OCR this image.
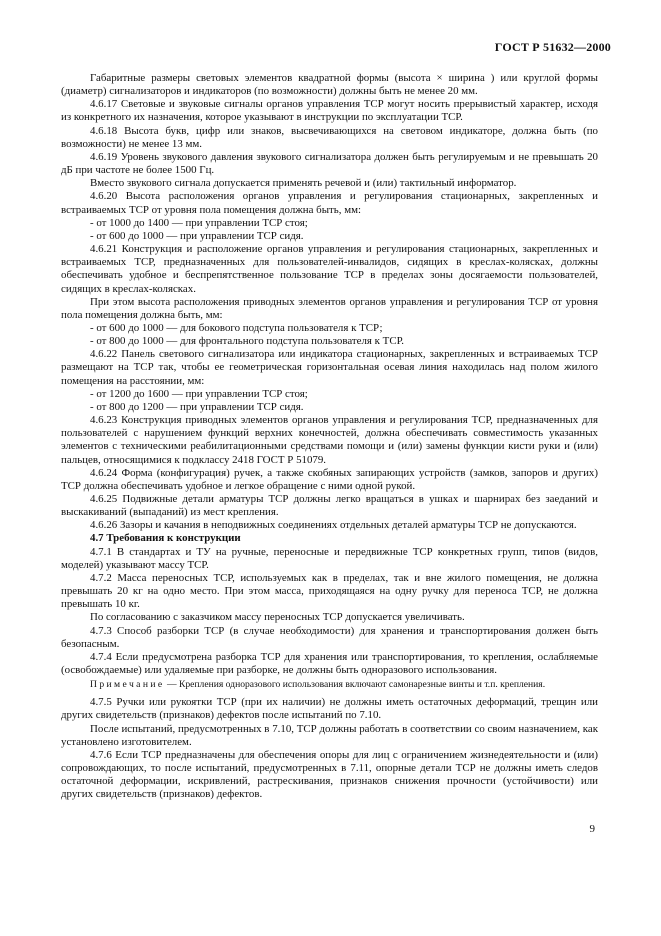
ГОСТ Р 51632—2000

Габаритные размеры световых элементов квадратной формы (высота × ширина ) или круглой формы (диаметр) сигнализаторов и индикаторов (по возможности) должны быть не менее 20 мм.

4.6.17 Световые и звуковые сигналы органов управления ТСР могут носить прерывистый характер, исходя из конкретного их назначения, которое указывают в инструкции по эксплуатации ТСР.

4.6.18 Высота букв, цифр или знаков, высвечивающихся на световом индикаторе, должна быть (по возможности) не менее 13 мм.

4.6.19 Уровень звукового давления звукового сигнализатора должен быть регулируемым и не превышать 20 дБ при частоте не более 1500 Гц.

Вместо звукового сигнала допускается применять речевой и (или) тактильный информатор.

4.6.20 Высота расположения органов управления и регулирования стационарных, закрепленных и встраиваемых ТСР от уровня пола помещения должна быть, мм:

- от 1000 до 1400 — при управлении ТСР стоя;

- от 600 до 1000 — при управлении ТСР сидя.

4.6.21 Конструкция и расположение органов управления и регулирования стационарных, закрепленных и встраиваемых ТСР, предназначенных для пользователей-инвалидов, сидящих в креслах-колясках, должны обеспечивать удобное и беспрепятственное пользование ТСР в пределах зоны досягаемости пользователей, сидящих в креслах-колясках.

При этом высота расположения приводных элементов органов управления и регулирования ТСР от уровня пола помещения должна быть, мм:

- от 600 до 1000 — для бокового подступа пользователя к ТСР;

- от 800 до 1000 — для фронтального подступа пользователя к ТСР.

4.6.22 Панель светового сигнализатора или индикатора стационарных, закрепленных и встраиваемых ТСР размещают на ТСР так, чтобы ее геометрическая горизонтальная осевая линия находилась над полом жилого помещения на расстоянии, мм:

- от 1200 до 1600 — при управлении ТСР стоя;

- от 800 до 1200 — при управлении ТСР сидя.

4.6.23 Конструкция приводных элементов органов управления и регулирования ТСР, предназначенных для пользователей с нарушением функций верхних конечностей, должна обеспечивать совместимость указанных элементов с техническими реабилитационными средствами помощи и (или) замены функции кисти руки и (или) пальцев, относящимися к подклассу 2418 ГОСТ Р 51079.

4.6.24 Форма (конфигурация) ручек, а также скобяных запирающих устройств (замков, запоров и других) ТСР должна обеспечивать удобное и легкое обращение с ними одной рукой.

4.6.25 Подвижные детали арматуры ТСР должны легко вращаться в ушках и шарнирах без заеданий и выскакиваний (выпаданий) из мест крепления.

4.6.26 Зазоры и качания в неподвижных соединениях отдельных деталей арматуры ТСР не допускаются.

4.7 Требования к конструкции

4.7.1 В стандартах и ТУ на ручные, переносные и передвижные ТСР конкретных групп, типов (видов, моделей) указывают массу ТСР.

4.7.2 Масса переносных ТСР, используемых как в пределах, так и вне жилого помещения, не должна превышать 20 кг на одно место. При этом масса, приходящаяся на одну ручку для переноса ТСР, не должна превышать 10 кг.

По согласованию с заказчиком массу переносных ТСР допускается увеличивать.

4.7.3 Способ разборки ТСР (в случае необходимости) для хранения и транспортирования должен быть безопасным.

4.7.4 Если предусмотрена разборка ТСР для хранения или транспортирования, то крепления, ослабляемые (освобождаемые) или удаляемые при разборке, не должны быть одноразового использования.

Примечание — Крепления одноразового использования включают самонарезные винты и т.п. крепления.

4.7.5 Ручки или рукоятки ТСР (при их наличии) не должны иметь остаточных деформаций, трещин или других свидетельств (признаков) дефектов после испытаний по 7.10.

После испытаний, предусмотренных в 7.10, ТСР должны работать в соответствии со своим назначением, как установлено изготовителем.

4.7.6 Если ТСР предназначены для обеспечения опоры для лиц с ограничением жизнедеятельности и (или) сопровождающих, то после испытаний, предусмотренных в 7.11, опорные детали ТСР не должны иметь следов остаточной деформации, искривлений, растрескивания, признаков снижения прочности (устойчивости) или других свидетельств (признаков) дефектов.

9
